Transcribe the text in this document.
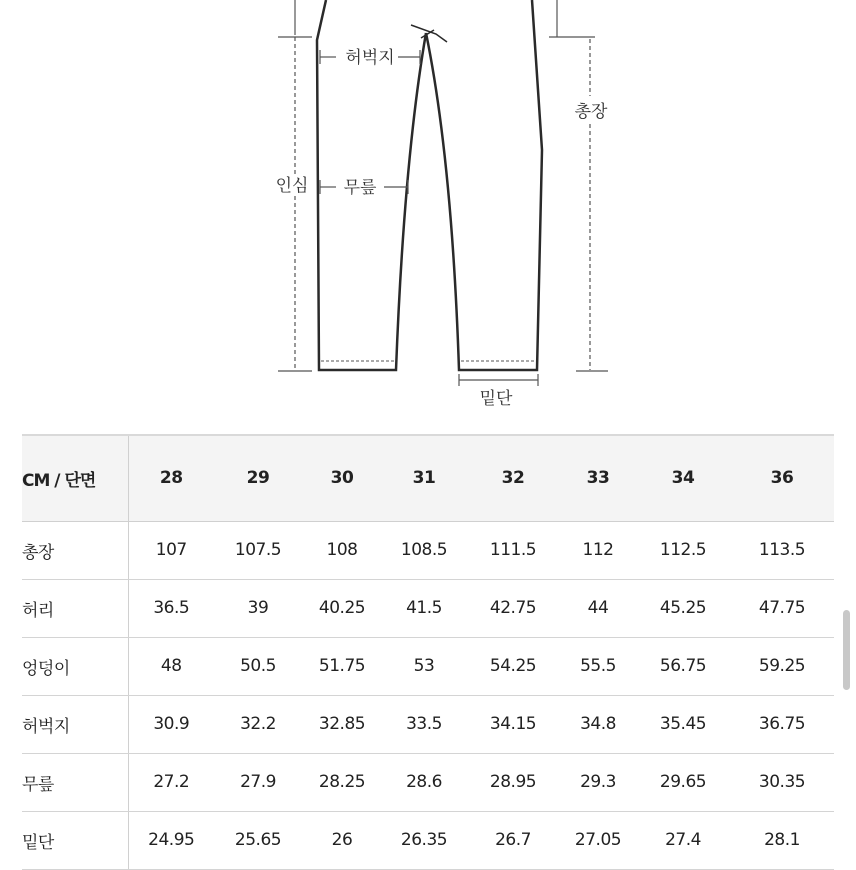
허벅지
총장
인심 무릎
밑단
CM / 단면	28	29	30	31	32	33	34	36
총장	107	107.5	108	108.5	111.5	112	112.5	113.5
허리	36.5	39	40.25	41.5	42.75	44	45.25	47.75
엉덩이	48	50.5	51.75	53	54.25	55.5	56.75	59.25
허벅지	30.9	32.2	32.85	33.5	34.15	34.8	35.45	36.75
무릎	27.2	27.9	28.25	28.6	28.95	29.3	29.65	30.35
밑단	24.95	25.65	26	26.35	26.7	27.05	27.4	28.1
